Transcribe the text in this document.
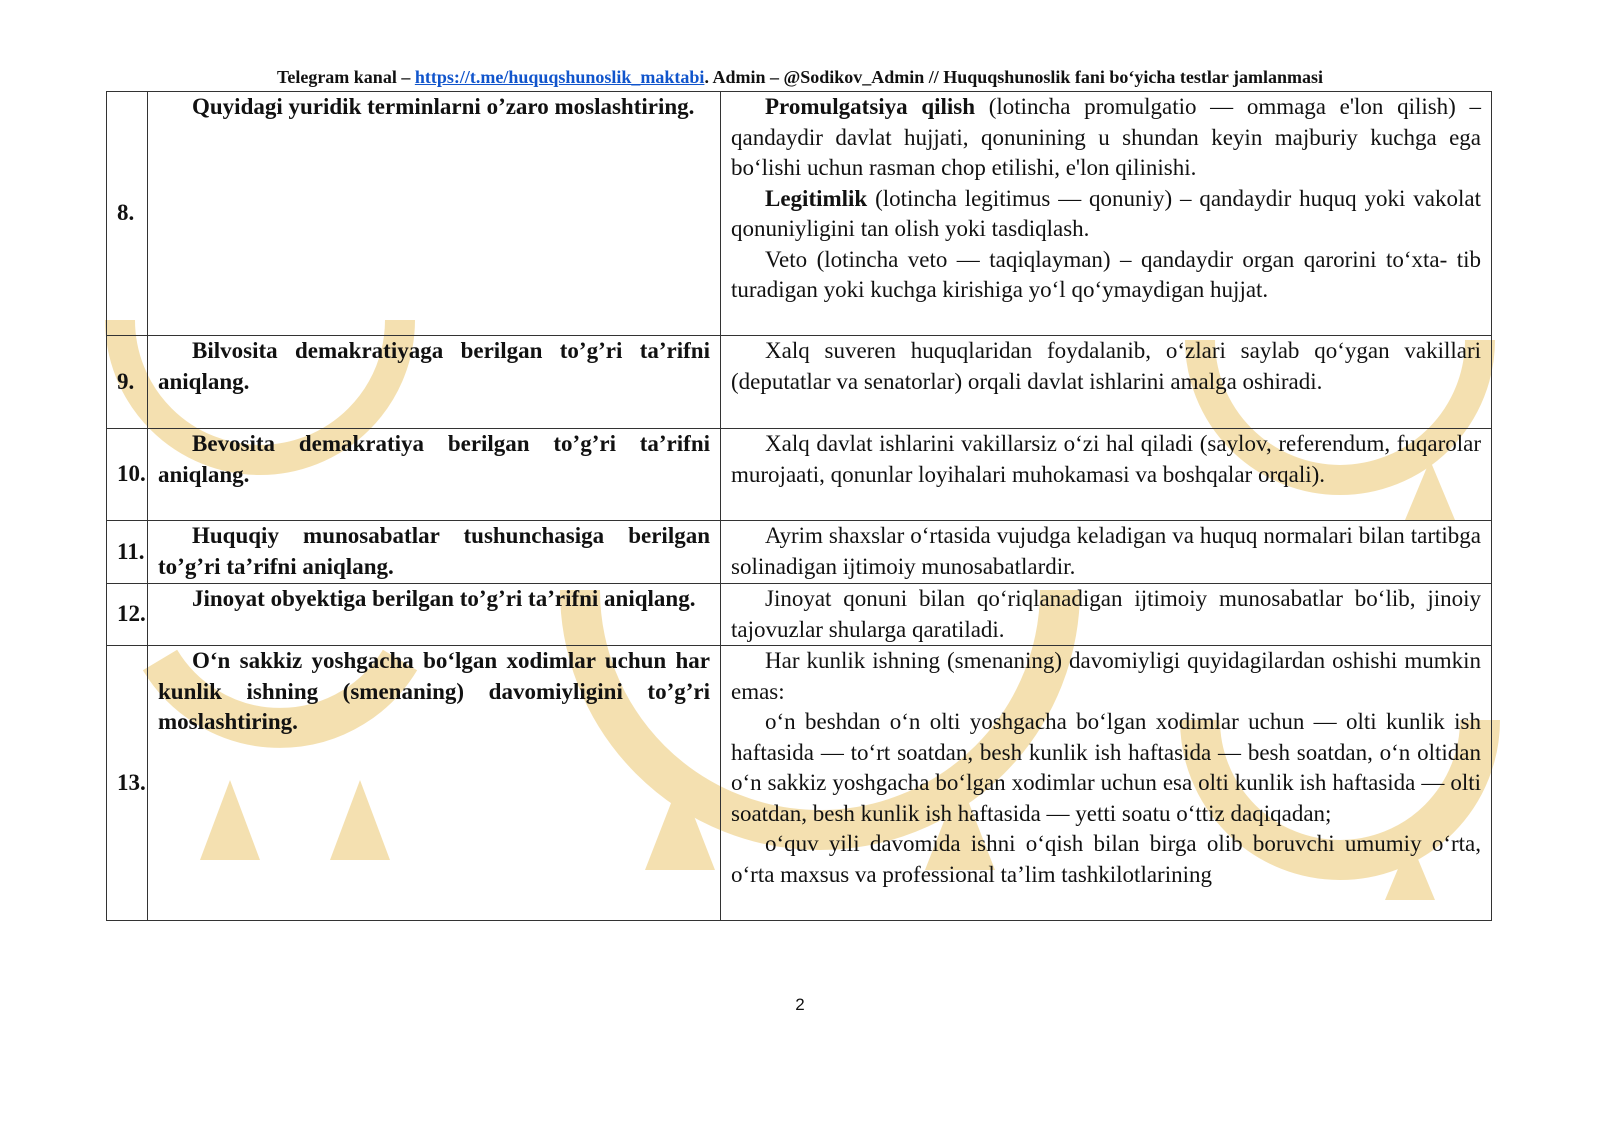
Telegram kanal – https://t.me/huquqshunoslik_maktabi. Admin – @Sodikov_Admin // Huquqshunoslik fani bo‘yicha testlar jamlanmasi
8.	Quyidagi yuridik terminlarni o’zaro moslashtiring.	Promulgatsiya qilish (lotincha promulgatio — ommaga e'lon qilish) – qandaydir davlat hujjati, qonunining u shundan keyin majburiy kuchga ega bo‘lishi uchun rasman chop etilishi, e'lon qilinishi.

Legitimlik (lotincha legitimus — qonuniy) – qandaydir huquq yoki vakolat qonuniyligini tan olish yoki tasdiqlash.

Veto (lotincha veto — taqiqlayman) – qandaydir organ qarorini to‘xta- tib turadigan yoki kuchga kirishiga yo‘l qo‘ymaydigan hujjat.

9.	Bilvosita demakratiyaga berilgan to’g’ri ta’rifni aniqlang.	Xalq suveren huquqlaridan foydalanib, o‘zlari saylab qo‘ygan vakillari (deputatlar va senatorlar) orqali davlat ishlarini amalga oshiradi.

10.	Bevosita demakratiya berilgan to’g’ri ta’rifni aniqlang.	Xalq davlat ishlarini vakillarsiz o‘zi hal qiladi (saylov, referendum, fuqarolar murojaati, qonunlar loyihalari muhokamasi va boshqalar orqali).

11.	Huquqiy munosabatlar tushunchasiga berilgan to’g’ri ta’rifni aniqlang.	Ayrim shaxslar o‘rtasida vujudga keladigan va huquq normalari bilan tartibga solinadigan ijtimoiy munosabatlardir.

12.	Jinoyat obyektiga berilgan to’g’ri ta’rifni aniqlang.	Jinoyat qonuni bilan qo‘riqlanadigan ijtimoiy munosabatlar bo‘lib, jinoiy tajovuzlar shularga qaratiladi.

13.	O‘n sakkiz yoshgacha bo‘lgan xodimlar uchun har kunlik ishning (smenaning) davomiyligini to’g’ri moslashtiring.	Har kunlik ishning (smenaning) davomiyligi quyidagilardan oshishi mumkin emas:

o‘n beshdan o‘n olti yoshgacha bo‘lgan xodimlar uchun — olti kunlik ish haftasida — to‘rt soatdan, besh kunlik ish haftasida — besh soatdan, o‘n oltidan o‘n sakkiz yoshgacha bo‘lgan xodimlar uchun esa olti kunlik ish haftasida — olti soatdan, besh kunlik ish haftasida — yetti soatu o‘ttiz daqiqadan;

o‘quv yili davomida ishni o‘qish bilan birga olib boruvchi umumiy o‘rta, o‘rta maxsus va professional ta’lim tashkilotlarining

2
